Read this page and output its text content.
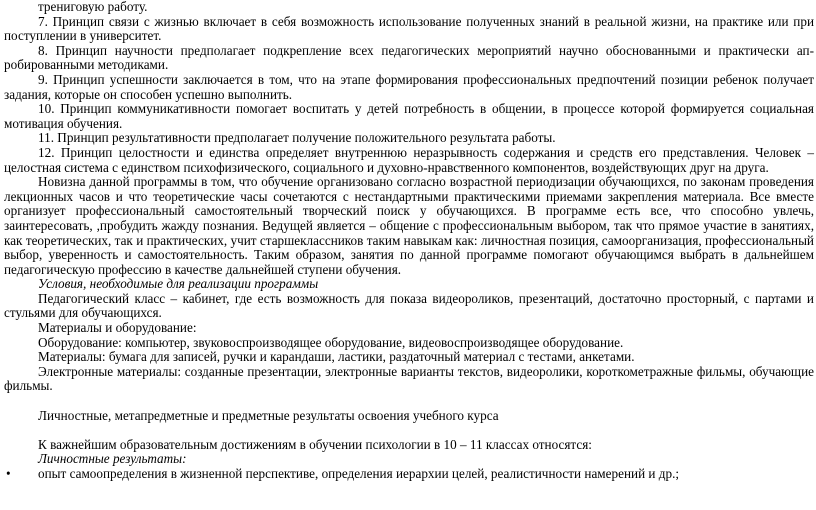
трениговую работу.

7. Принцип связи с жизнью включает в себя возможность использование полученных знаний в реальной жизни, на практике или при поступлении в университет.

8. Принцип научности предполагает подкрепление всех педагогических мероприятий научно обоснованными и практически ап-робированными методиками.

9. Принцип успешности заключается в том, что на этапе формирования профессиональных предпочтений позиции ребенок получает задания, которые он способен успешно выполнить.

10. Принцип коммуникативности помогает воспитать у детей потребность в общении, в процессе которой формируется социальная мотивация обучения.

11. Принцип результативности предполагает получение положительного результата работы.

12. Принцип целостности и единства определяет внутреннюю неразрывность содержания и средств его представления. Человек – целостная система с единством психофизического, социального и духовно-нравственного компонентов, воздействующих друг на друга.

Новизна данной программы в том, что обучение организовано согласно возрастной периодизации обучающихся, по законам проведения лекционных часов и что теоретические часы сочетаются с нестандартными практическими приемами закрепления материала. Все вместе организует профессиональный самостоятельный творческий поиск у обучающихся. В программе есть все, что способно увлечь, заинтересовать, ,пробудить жажду познания. Ведущей является – общение с профессиональным выбором, так что прямое участие в занятиях, как теоретических, так и практических, учит старшеклассников таким навыкам как: личностная позиция, самоорганизация, профессиональный выбор, уверенность и самостоятельность. Таким образом, занятия по данной программе помогают обучающимся выбрать в дальнейшем педагогическую профессию в качестве дальнейшей ступени обучения.

Условия, необходимые для реализации программы

Педагогический класс – кабинет, где есть возможность для показа видеороликов, презентаций, достаточно просторный, с партами и стульями для обучающихся.

Материалы и оборудование:

Оборудование: компьютер, звуковоспроизводящее оборудование, видеовоспроизводящее оборудование.

Материалы: бумага для записей, ручки и карандаши, ластики, раздаточный материал с тестами, анкетами.

Электронные материалы: созданные презентации, электронные варианты текстов, видеоролики, короткометражные фильмы, обучающие фильмы.

Личностные, метапредметные и предметные результаты освоения учебного курса

К важнейшим образовательным достижениям в обучении психологии в 10 – 11 классах относятся:

Личностные результаты:

•	опыт самоопределения в жизненной перспективе, определения иерархии целей, реалистичности намерений и др.;
